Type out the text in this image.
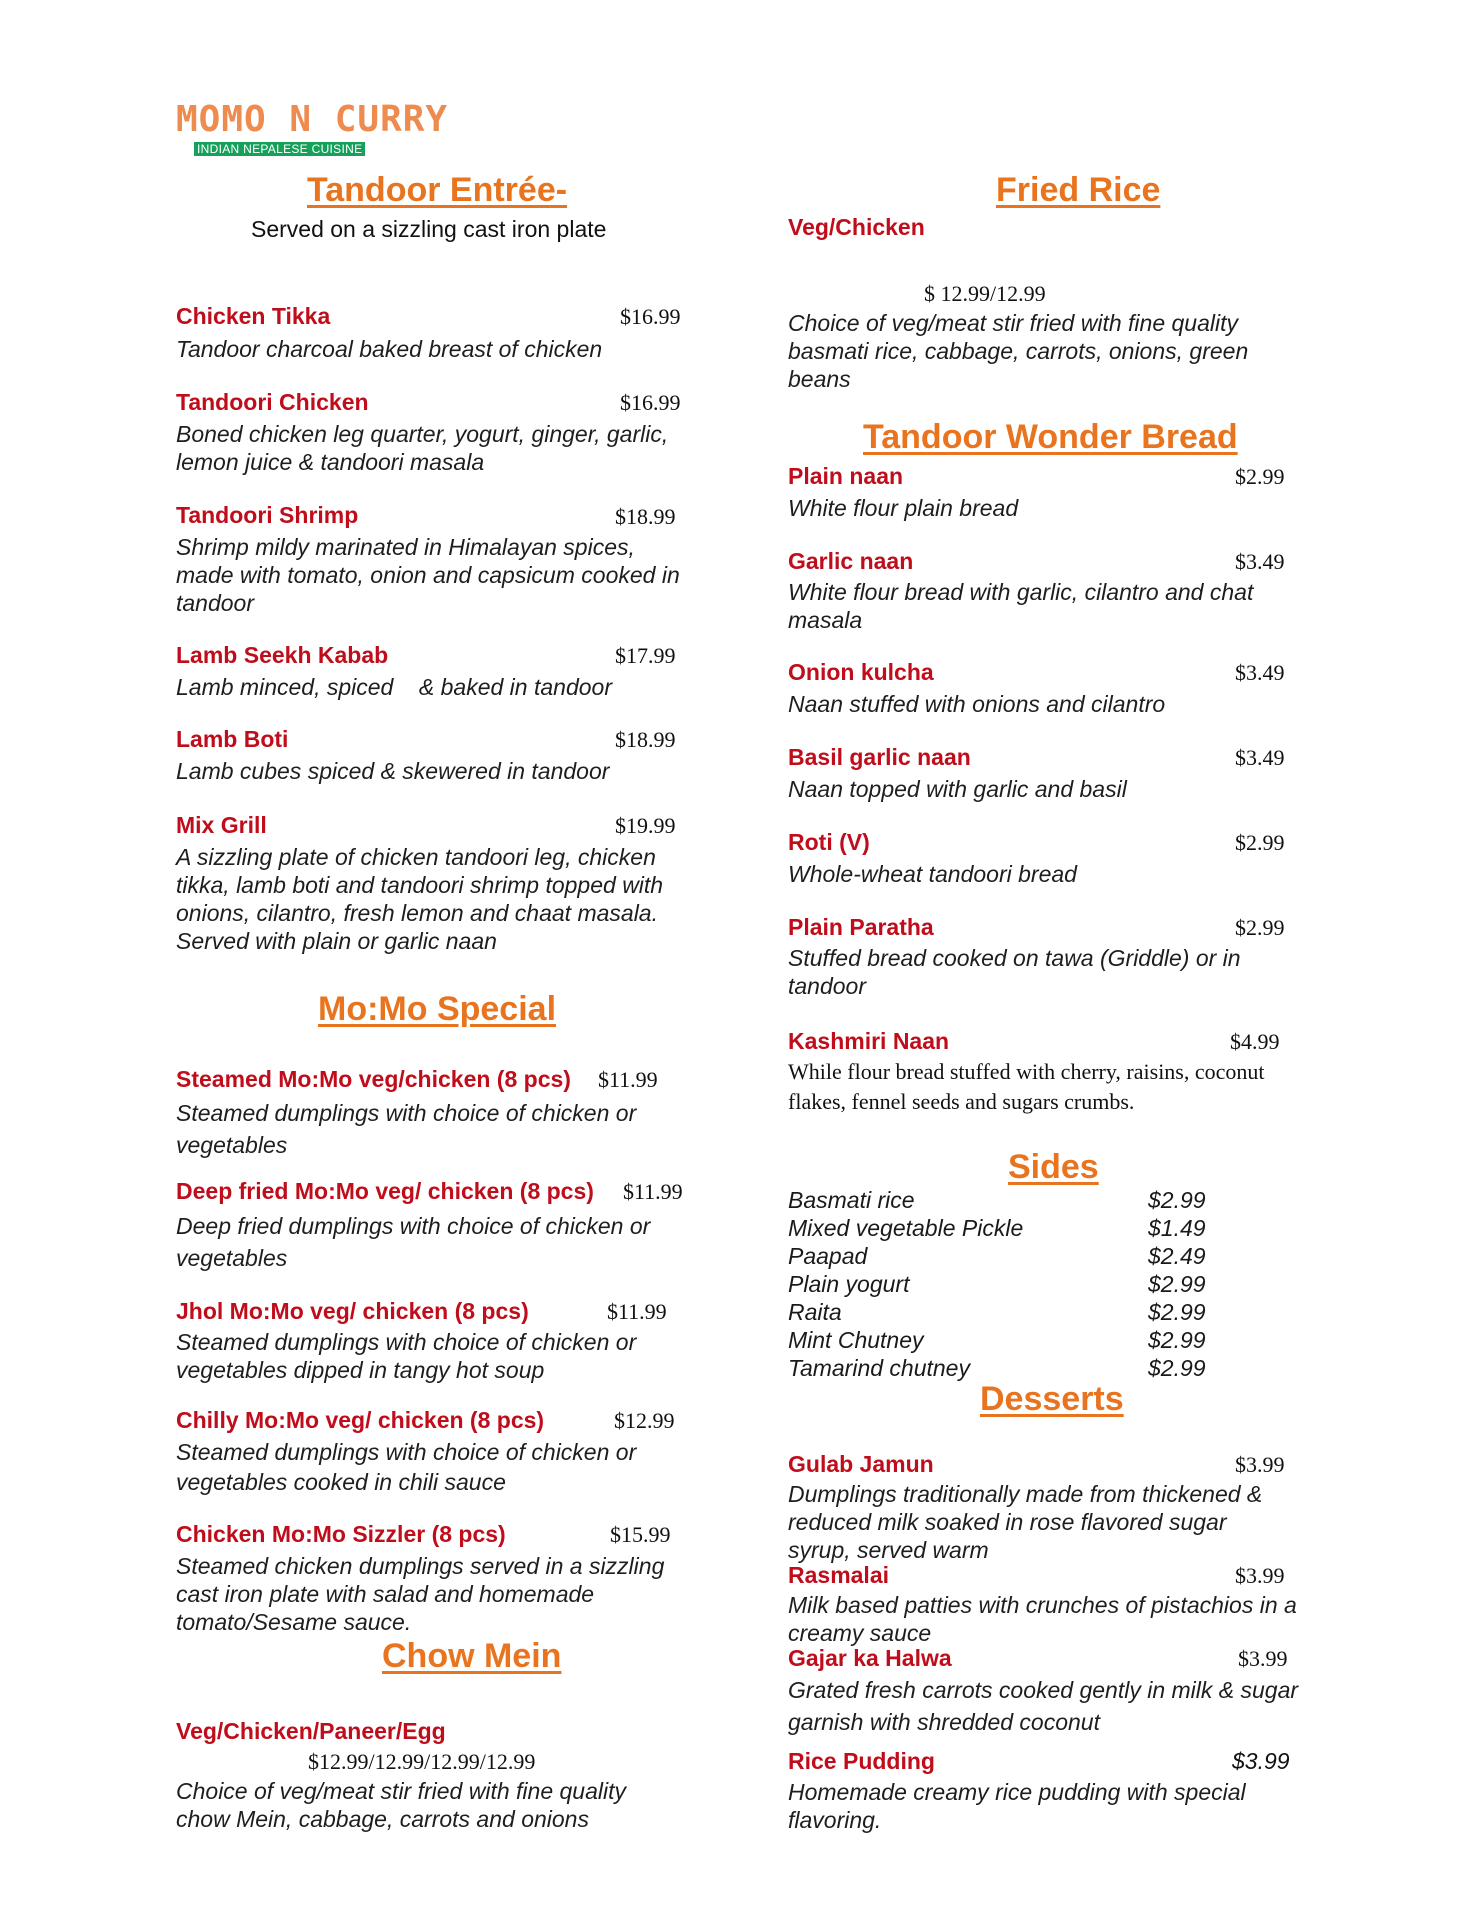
MOMO N CURRY
INDIAN NEPALESE CUISINE
Tandoor Entrée-
Served on a sizzling cast iron plate
Chicken Tikka	$16.99
Tandoor charcoal baked breast of chicken
Tandoori Chicken	$16.99
Boned chicken leg quarter, yogurt, ginger, garlic, lemon juice & tandoori masala
Tandoori Shrimp	$18.99
Shrimp mildy marinated in Himalayan spices, made with tomato, onion and capsicum cooked in tandoor
Lamb Seekh Kabab	$17.99
Lamb minced, spiced    & baked in tandoor
Lamb Boti	$18.99
Lamb cubes spiced & skewered in tandoor
Mix Grill	$19.99
A sizzling plate of chicken tandoori leg, chicken tikka, lamb boti and tandoori shrimp topped with onions, cilantro, fresh lemon and chaat masala. Served with plain or garlic naan
Mo:Mo Special
Steamed Mo:Mo veg/chicken (8 pcs) $11.99
Steamed dumplings with choice of chicken or vegetables
Deep fried Mo:Mo veg/ chicken (8 pcs) $11.99
Deep fried dumplings with choice of chicken or vegetables
Jhol Mo:Mo veg/ chicken (8 pcs)	$11.99
Steamed dumplings with choice of chicken or vegetables dipped in tangy hot soup
Chilly Mo:Mo veg/ chicken (8 pcs)	$12.99
Steamed dumplings with choice of chicken or vegetables cooked in chili sauce
Chicken Mo:Mo Sizzler (8 pcs)	$15.99
Steamed chicken dumplings served in a sizzling cast iron plate with salad and homemade tomato/Sesame sauce.
Chow Mein
Veg/Chicken/Paneer/Egg
$12.99/12.99/12.99/12.99
Choice of veg/meat stir fried with fine quality chow Mein, cabbage, carrots and onions
Fried Rice
Veg/Chicken
$ 12.99/12.99
Choice of veg/meat stir fried with fine quality basmati rice, cabbage, carrots, onions, green beans
Tandoor Wonder Bread
Plain naan	$2.99
White flour plain bread
Garlic naan	$3.49
White flour bread with garlic, cilantro and chat masala
Onion kulcha	$3.49
Naan stuffed with onions and cilantro
Basil garlic naan	$3.49
Naan topped with garlic and basil
Roti (V)	$2.99
Whole-wheat tandoori bread
Plain Paratha	$2.99
Stuffed bread cooked on tawa (Griddle) or in tandoor
Kashmiri Naan	$4.99
While flour bread stuffed with cherry, raisins, coconut flakes, fennel seeds and sugars crumbs.
Sides
Basmati rice	$2.99
Mixed vegetable Pickle	$1.49
Paapad	$2.49
Plain yogurt	$2.99
Raita	$2.99
Mint Chutney	$2.99
Tamarind chutney	$2.99
Desserts
Gulab Jamun	$3.99
Dumplings traditionally made from thickened & reduced milk soaked in rose flavored sugar syrup, served warm
Rasmalai	$3.99
Milk based patties with crunches of pistachios in a creamy sauce
Gajar ka Halwa	$3.99
Grated fresh carrots cooked gently in milk & sugar garnish with shredded coconut
Rice Pudding	$3.99
Homemade creamy rice pudding with special flavoring.
